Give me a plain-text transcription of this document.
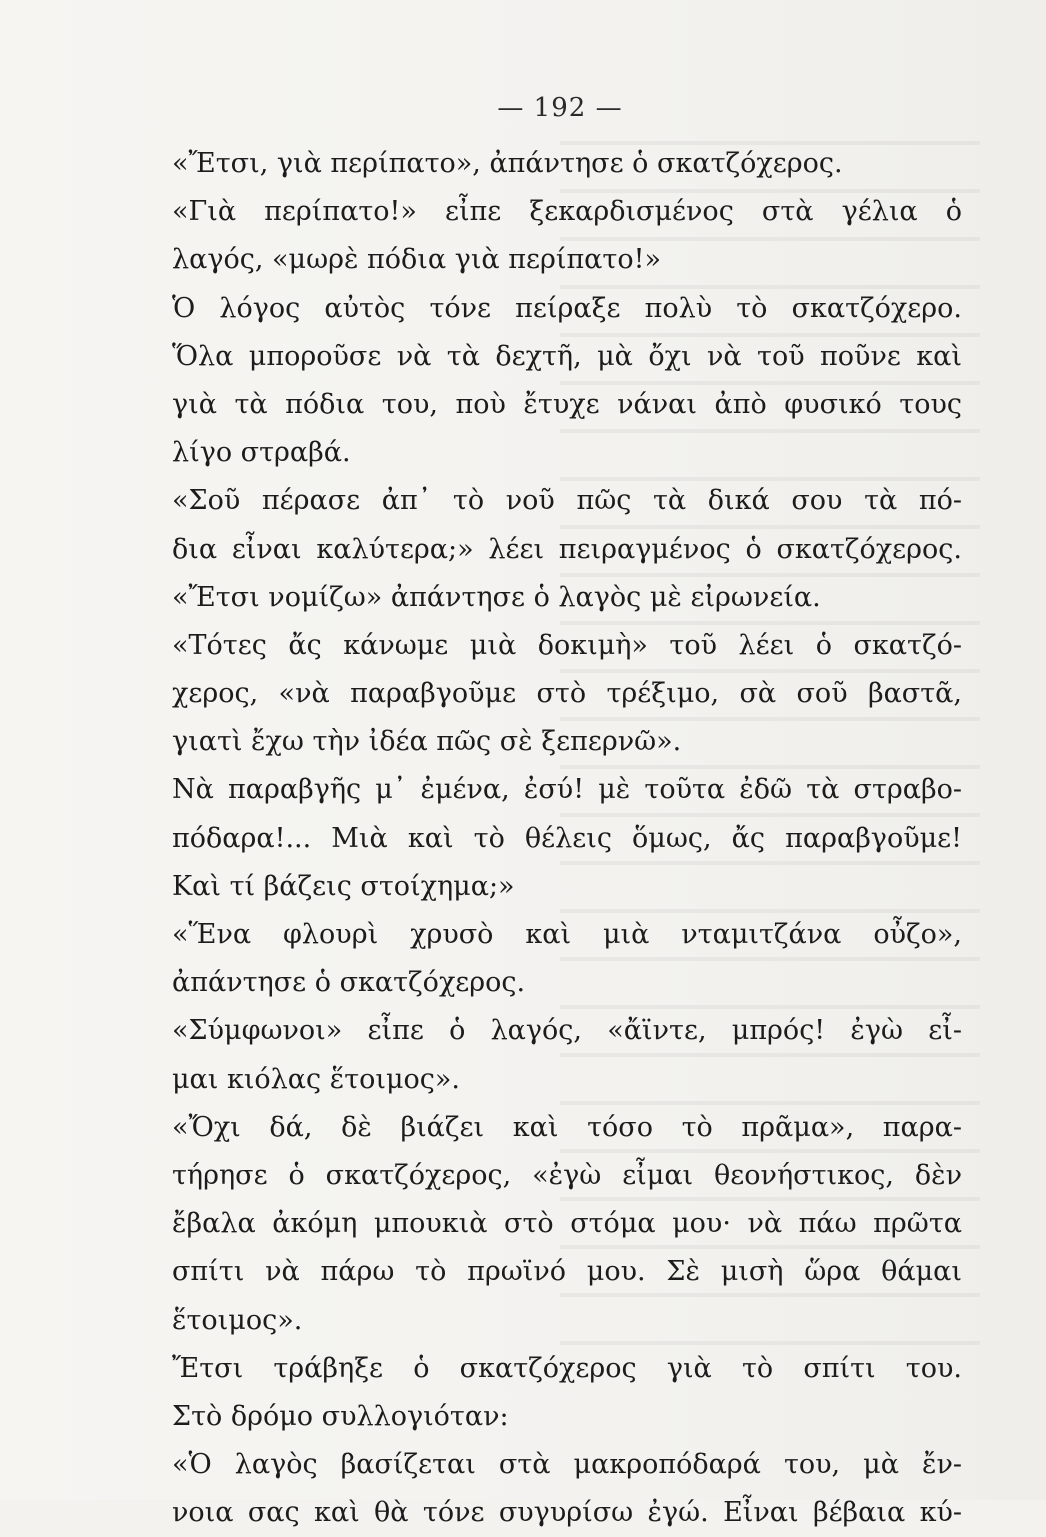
— 192 —
«Ἔτσι, γιὰ περίπατο», ἀπάντησε ὁ σκατζόχερος.
«Γιὰ περίπατο!» εἶπε ξεκαρδισμένος στὰ γέλια ὁ
λαγός, «μωρὲ πόδια γιὰ περίπατο!»
Ὁ λόγος αὐτὸς τόνε πείραξε πολὺ τὸ σκατζόχερο.
Ὅλα μποροῦσε νὰ τὰ δεχτῆ, μὰ ὄχι νὰ τοῦ ποῦνε καὶ
γιὰ τὰ πόδια του, ποὺ ἔτυχε νάναι ἀπὸ φυσικό τους
λίγο στραβά.
«Σοῦ πέρασε ἀπ᾽ τὸ νοῦ πῶς τὰ δικά σου τὰ πό-
δια εἶναι καλύτερα;» λέει πειραγμένος ὁ σκατζόχερος.
«Ἔτσι νομίζω» ἀπάντησε ὁ λαγὸς μὲ εἰρωνεία.
«Τότες ἄς κάνωμε μιὰ δοκιμὴ» τοῦ λέει ὁ σκατζό-
χερος, «νὰ παραβγοῦμε στὸ τρέξιμο, σὰ σοῦ βαστᾶ,
γιατὶ ἔχω τὴν ἰδέα πῶς σὲ ξεπερνῶ».
Νὰ παραβγῆς μ᾽ ἐμένα, ἐσύ! μὲ τοῦτα ἐδῶ τὰ στραβο-
πόδαρα!... Μιὰ καὶ τὸ θέλεις ὅμως, ἄς παραβγοῦμε!
Καὶ τί βάζεις στοίχημα;»
«Ἕνα φλουρὶ χρυσὸ καὶ μιὰ νταμιτζάνα οὖζο»,
ἀπάντησε ὁ σκατζόχερος.
«Σύμφωνοι» εἶπε ὁ λαγός, «ἄϊντε, μπρός! ἐγὼ εἶ-
μαι κιόλας ἕτοιμος».
«Ὄχι δά, δὲ βιάζει καὶ τόσο τὸ πρᾶμα», παρα-
τήρησε ὁ σκατζόχερος, «ἐγὼ εἶμαι θεονήστικος, δὲν
ἔβαλα ἀκόμη μπουκιὰ στὸ στόμα μου· νὰ πάω πρῶτα
σπίτι νὰ πάρω τὸ πρωϊνό μου. Σὲ μισὴ ὥρα θάμαι
ἕτοιμος».
Ἔτσι τράβηξε ὁ σκατζόχερος γιὰ τὸ σπίτι του.
Στὸ δρόμο συλλογιόταν:
«Ὁ λαγὸς βασίζεται στὰ μακροπόδαρά του, μὰ ἔν-
νοια σας καὶ θὰ τόνε συγυρίσω ἐγώ. Εἶναι βέβαια κύ-
